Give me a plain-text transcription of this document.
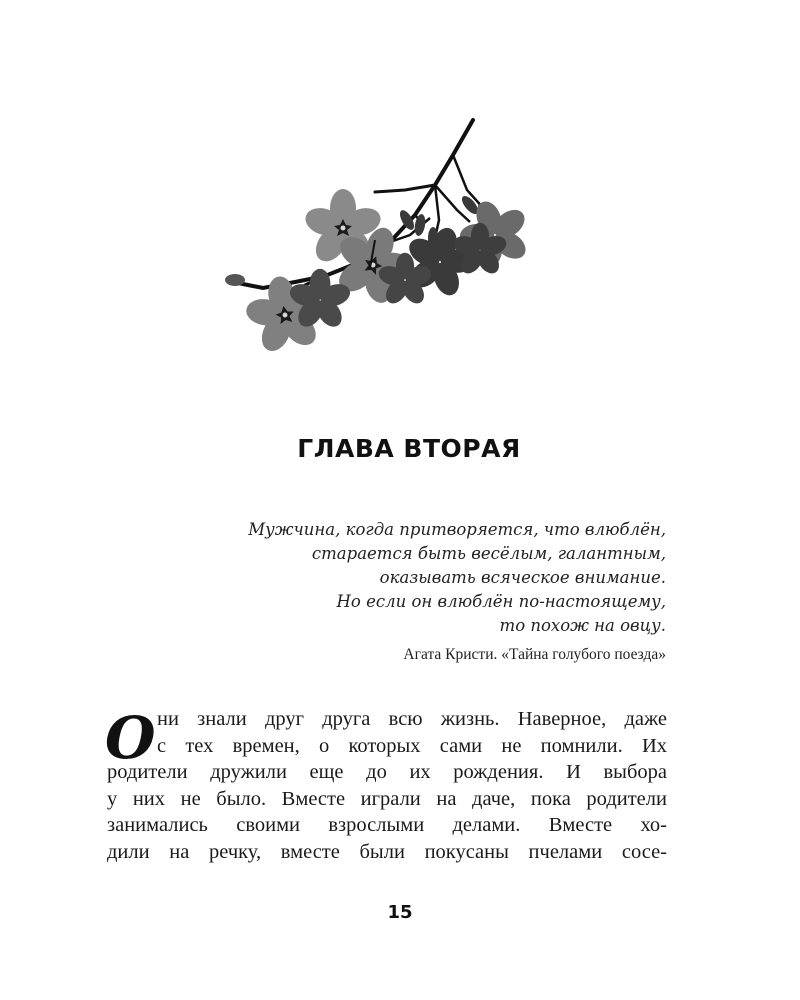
ГЛАВА ВТОРАЯ
Мужчина, когда притворяется, что влюблён,
старается быть весёлым, галантным,
оказывать всяческое внимание.
Но если он влюблён по-настоящему,
то похож на овцу.
Агата Кристи. «Тайна голубого поезда»
О ни знали друг друга всю жизнь. Наверное, даже
с тех времен, о которых сами не помнили. Их
родители дружили еще до их рождения. И выбора
у них не было. Вместе играли на даче, пока родители
занимались своими взрослыми делами. Вместе хо-
дили на речку, вместе были покусаны пчелами сосе-
15
